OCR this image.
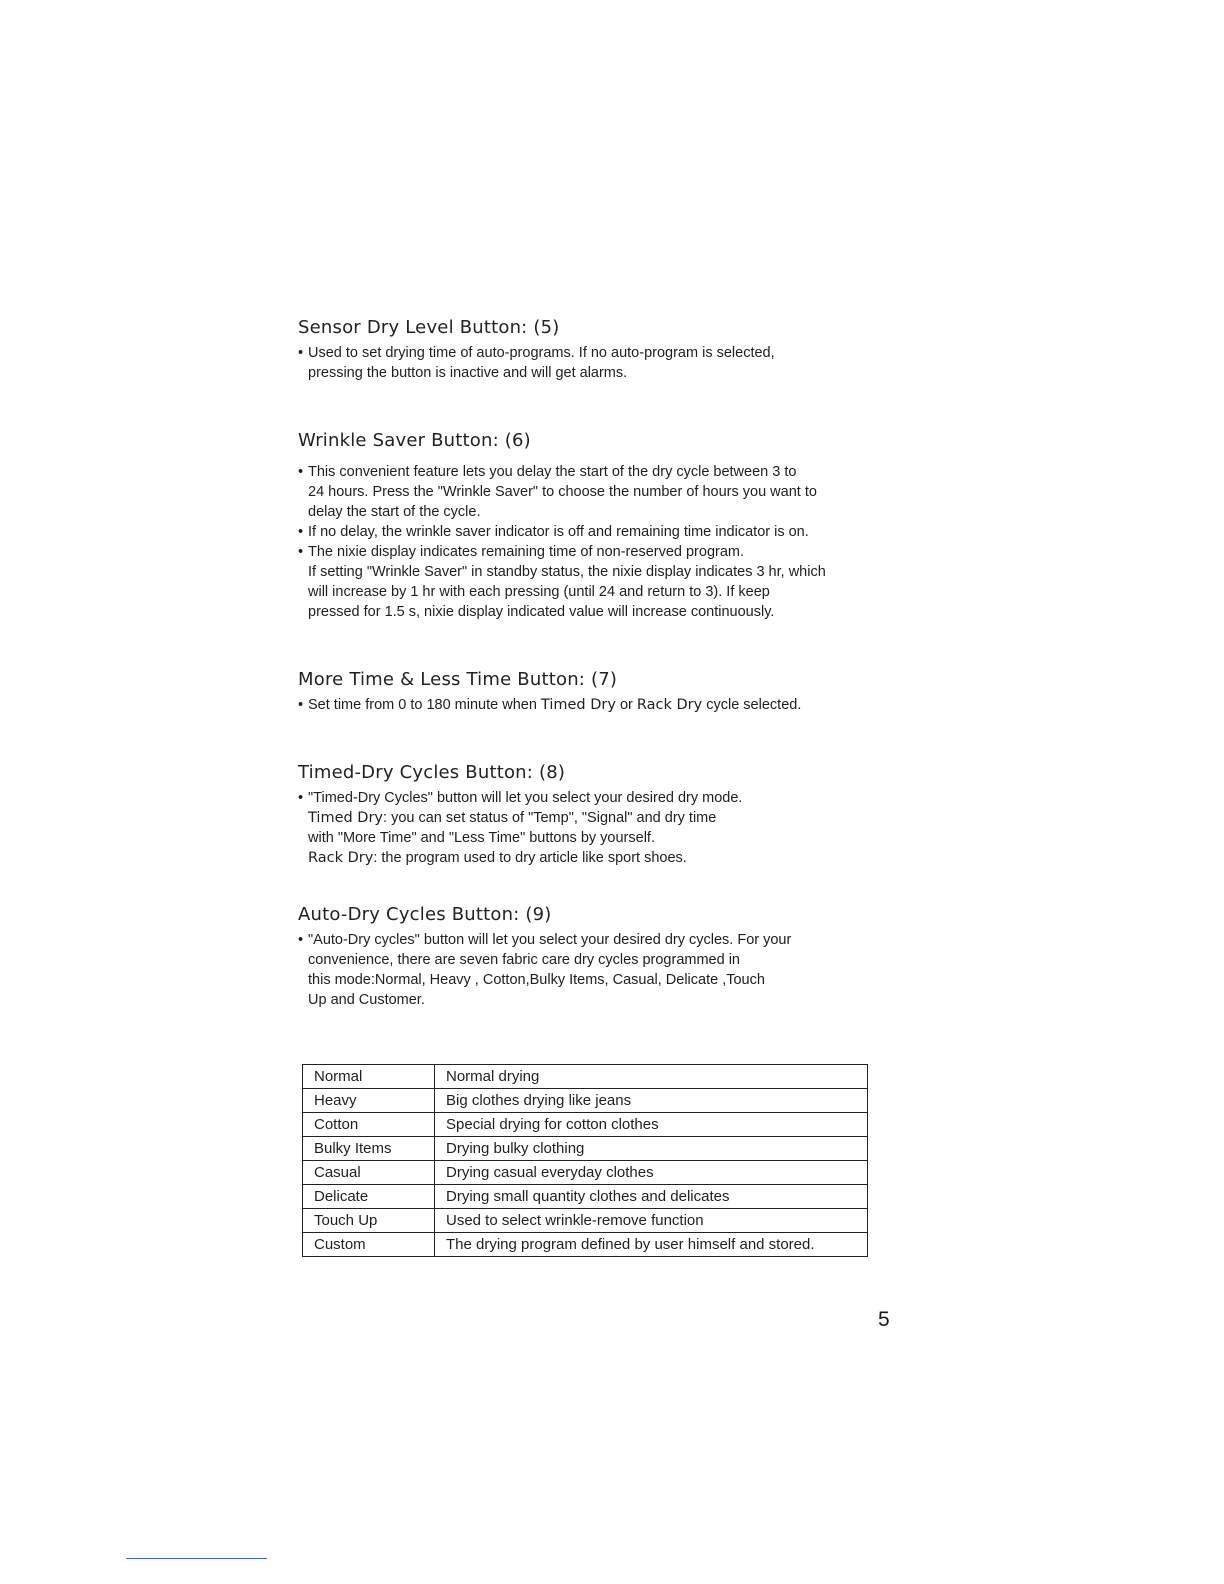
Sensor Dry Level Button: (5)
• Used to set drying time of auto-programs. If no auto-program is selected,
pressing the button is inactive and will get alarms.
Wrinkle Saver Button: (6)
• This convenient feature lets you delay the start of the dry cycle between 3 to
24 hours. Press the "Wrinkle Saver" to choose the number of hours you want to
delay the start of the cycle.
• If no delay, the wrinkle saver indicator is off and remaining time indicator is on.
• The nixie display indicates remaining time of non-reserved program.
If setting "Wrinkle Saver" in standby status, the nixie display indicates 3 hr, which
will increase by 1 hr with each pressing (until 24 and return to 3). If keep
pressed for 1.5 s, nixie display indicated value will increase continuously.
More Time & Less Time Button: (7)
• Set time from 0 to 180 minute when Timed Dry or Rack Dry cycle selected.
Timed-Dry Cycles Button: (8)
• "Timed-Dry Cycles" button will let you select your desired dry mode.
Timed Dry: you can set status of "Temp", "Signal" and dry time
with "More Time" and "Less Time" buttons by yourself.
Rack Dry: the program used to dry article like sport shoes.
Auto-Dry Cycles Button: (9)
• "Auto-Dry cycles" button will let you select your desired dry cycles. For your
convenience, there are seven fabric care dry cycles programmed in
this mode:Normal, Heavy , Cotton,Bulky Items, Casual, Delicate ,Touch
Up and Customer.
Normal	Normal drying
Heavy	Big clothes drying like jeans
Cotton	Special drying for cotton clothes
Bulky Items	Drying bulky clothing
Casual	Drying casual everyday clothes
Delicate	Drying small quantity clothes and delicates
Touch Up	Used to select wrinkle-remove function
Custom	The drying program defined by user himself and stored.
5
